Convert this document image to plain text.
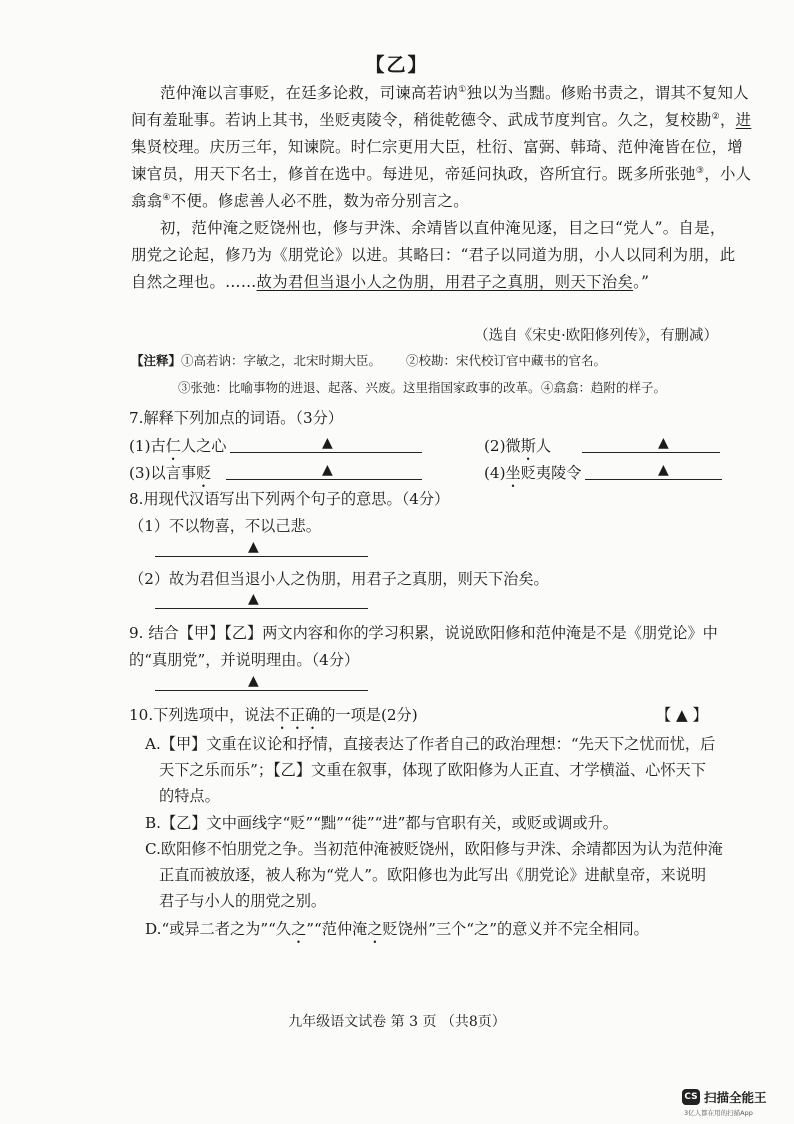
【乙】
范仲淹以言事贬，在廷多论救，司谏高若讷①独以为当黜。修贻书责之，谓其不复知人
间有羞耻事。若讷上其书，坐贬夷陵令，稍徙乾德令、武成节度判官。久之，复校勘②，进
集贤校理。庆历三年，知谏院。时仁宗更用大臣，杜衍、富弼、韩琦、范仲淹皆在位，增
谏官员，用天下名士，修首在选中。每进见，帝延问执政，咨所宜行。既多所张弛③，小人
翕翕④不便。修虑善人必不胜，数为帝分别言之。
初，范仲淹之贬饶州也，修与尹洙、余靖皆以直仲淹见逐，目之曰“党人”。自是，
朋党之论起，修乃为《朋党论》以进。其略曰：“君子以同道为朋，小人以同利为朋，此
自然之理也。……故为君但当退小人之伪朋，用君子之真朋，则天下治矣。”
（选自《宋史·欧阳修列传》，有删减）
【注释】①高若讷：字敏之，北宋时期大臣。 ②校勘：宋代校订官中藏书的官名。
③张弛：比喻事物的进退、起落、兴废。这里指国家政事的改革。 ④翕翕：趋附的样子。
7.解释下列加点的词语。（3分）
(1)古仁人之心	▲	(2)微斯人	▲
(3)以言事贬	▲	(4)坐贬夷陵令	▲
8.用现代汉语写出下列两个句子的意思。（4分）
（1）不以物喜，不以己悲。
▲
（2）故为君但当退小人之伪朋，用君子之真朋，则天下治矣。
▲
9. 结合【甲】【乙】两文内容和你的学习积累，说说欧阳修和范仲淹是不是《朋党论》中
的“真朋党”，并说明理由。（4分）
▲
10.下列选项中，说法不正确的一项是(2分)	【 ▲ 】
A.【甲】文重在议论和抒情，直接表达了作者自己的政治理想：“先天下之忧而忧，后
天下之乐而乐”；【乙】文重在叙事，体现了欧阳修为人正直、才学横溢、心怀天下
的特点。
B.【乙】文中画线字“贬”“黜”“徙”“进”都与官职有关，或贬或调或升。
C.欧阳修不怕朋党之争。当初范仲淹被贬饶州，欧阳修与尹洙、余靖都因为认为范仲淹
正直而被放逐，被人称为“党人”。欧阳修也为此写出《朋党论》进献皇帝，来说明
君子与小人的朋党之别。
D.“或异二者之为”“久之”“范仲淹之贬饶州”三个“之”的意义并不完全相同。
九年级语文试卷 第 3 页 （共8页）
CS 扫描全能王
3亿人都在用的扫描App
